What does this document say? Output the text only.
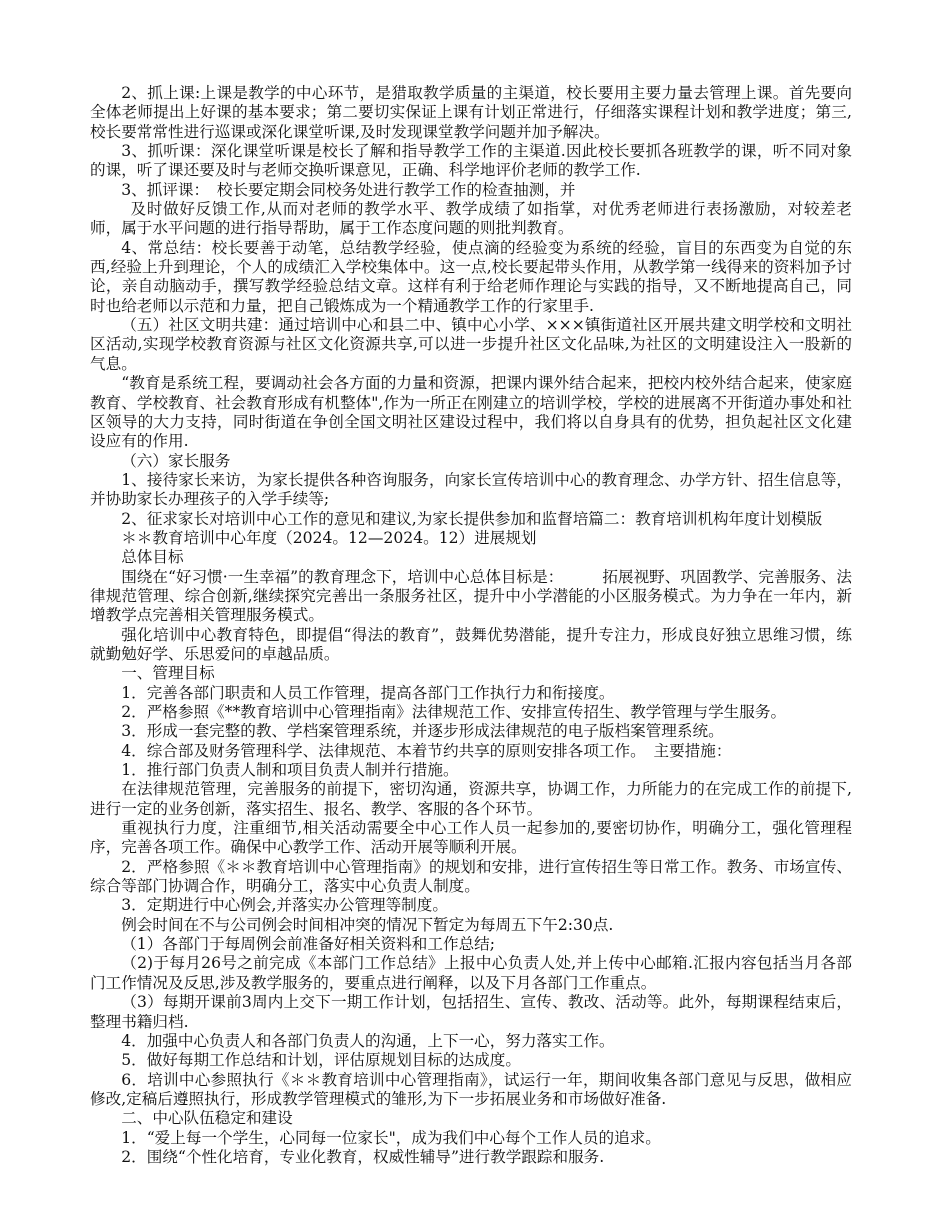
2、抓上课:上课是教学的中心环节，是猎取教学质量的主渠道，校长要用主要力量去管理上课。首先要向全体老师提出上好课的基本要求；第二要切实保证上课有计划正常进行，仔细落实课程计划和教学进度；第三,校长要常常性进行巡课或深化课堂听课,及时发现课堂教学问题并加予解决。

3、抓听课：深化课堂听课是校长了解和指导教学工作的主渠道.因此校长要抓各班教学的课，听不同对象的课，听了课还要及时与老师交换听课意见，正确、科学地评价老师的教学工作.

3、抓评课：　校长要定期会同校务处进行教学工作的检查抽测，并

及时做好反馈工作,从而对老师的教学水平、教学成绩了如指掌，对优秀老师进行表扬激励，对较差老师，属于水平问题的进行指导帮助，属于工作态度问题的则批判教育。

4、常总结：校长要善于动笔，总结教学经验，使点滴的经验变为系统的经验，盲目的东西变为自觉的东西,经验上升到理论，个人的成绩汇入学校集体中。这一点,校长要起带头作用，从教学第一线得来的资料加予讨论，亲自动脑动手，撰写教学经验总结文章。这样有利于给老师作理论与实践的指导，又不断地提高自己，同时也给老师以示范和力量，把自己锻炼成为一个精通教学工作的行家里手.

（五）社区文明共建：通过培训中心和县二中、镇中心小学、×××镇街道社区开展共建文明学校和文明社区活动,实现学校教育资源与社区文化资源共享,可以进一步提升社区文化品味,为社区的文明建设注入一股新的气息。

“教育是系统工程，要调动社会各方面的力量和资源，把课内课外结合起来，把校内校外结合起来，使家庭教育、学校教育、社会教育形成有机整体",作为一所正在刚建立的培训学校，学校的进展离不开街道办事处和社区领导的大力支持，同时街道在争创全国文明社区建设过程中，我们将以自身具有的优势，担负起社区文化建设应有的作用.

（六）家长服务

1、接待家长来访，为家长提供各种咨询服务，向家长宣传培训中心的教育理念、办学方针、招生信息等，并协助家长办理孩子的入学手续等;

2、征求家长对培训中心工作的意见和建议,为家长提供参加和监督培篇二：教育培训机构年度计划模版

＊＊教育培训中心年度（2024。12—2024。12）进展规划

总体目标

围绕在“好习惯·一生幸福”的教育理念下，培训中心总体目标是：　　　拓展视野、巩固教学、完善服务、法律规范管理、综合创新,继续探究完善出一条服务社区，提升中小学潜能的小区服务模式。为力争在一年内，新增教学点完善相关管理服务模式。

强化培训中心教育特色，即提倡“得法的教育”，鼓舞优势潜能，提升专注力，形成良好独立思维习惯，练就勤勉好学、乐思爱问的卓越品质。

一、管理目标

1．完善各部门职责和人员工作管理，提高各部门工作执行力和衔接度。

2．严格参照《**教育培训中心管理指南》法律规范工作、安排宣传招生、教学管理与学生服务。

3．形成一套完整的教、学档案管理系统，并逐步形成法律规范的电子版档案管理系统。

4．综合部及财务管理科学、法律规范、本着节约共享的原则安排各项工作。　主要措施：

1．推行部门负责人制和项目负责人制并行措施。

在法律规范管理，完善服务的前提下，密切沟通，资源共享，协调工作，力所能力的在完成工作的前提下,进行一定的业务创新，落实招生、报名、教学、客服的各个环节。

重视执行力度，注重细节,相关活动需要全中心工作人员一起参加的,要密切协作，明确分工，强化管理程序，完善各项工作。确保中心教学工作、活动开展等顺利开展。

2．严格参照《＊＊教育培训中心管理指南》的规划和安排，进行宣传招生等日常工作。教务、市场宣传、综合等部门协调合作，明确分工，落实中心负责人制度。

3．定期进行中心例会,并落实办公管理等制度。

例会时间在不与公司例会时间相冲突的情况下暂定为每周五下午2:30点.

（1）各部门于每周例会前准备好相关资料和工作总结;

（2)于每月26号之前完成《本部门工作总结》上报中心负责人处,并上传中心邮箱.汇报内容包括当月各部门工作情况及反思,涉及教学服务的，要重点进行阐释，以及下月各部门工作重点。

（3）每期开课前3周内上交下一期工作计划，包括招生、宣传、教改、活动等。此外，每期课程结束后，整理书籍归档.

4．加强中心负责人和各部门负责人的沟通，上下一心，努力落实工作。

5．做好每期工作总结和计划，评估原规划目标的达成度。

6．培训中心参照执行《＊＊教育培训中心管理指南》，试运行一年，期间收集各部门意见与反思，做相应修改,定稿后遵照执行，形成教学管理模式的雏形,为下一步拓展业务和市场做好准备.

二、中心队伍稳定和建设

1．“爱上每一个学生，心同每一位家长"，成为我们中心每个工作人员的追求。

2．围绕“个性化培育，专业化教育，权威性辅导”进行教学跟踪和服务.
